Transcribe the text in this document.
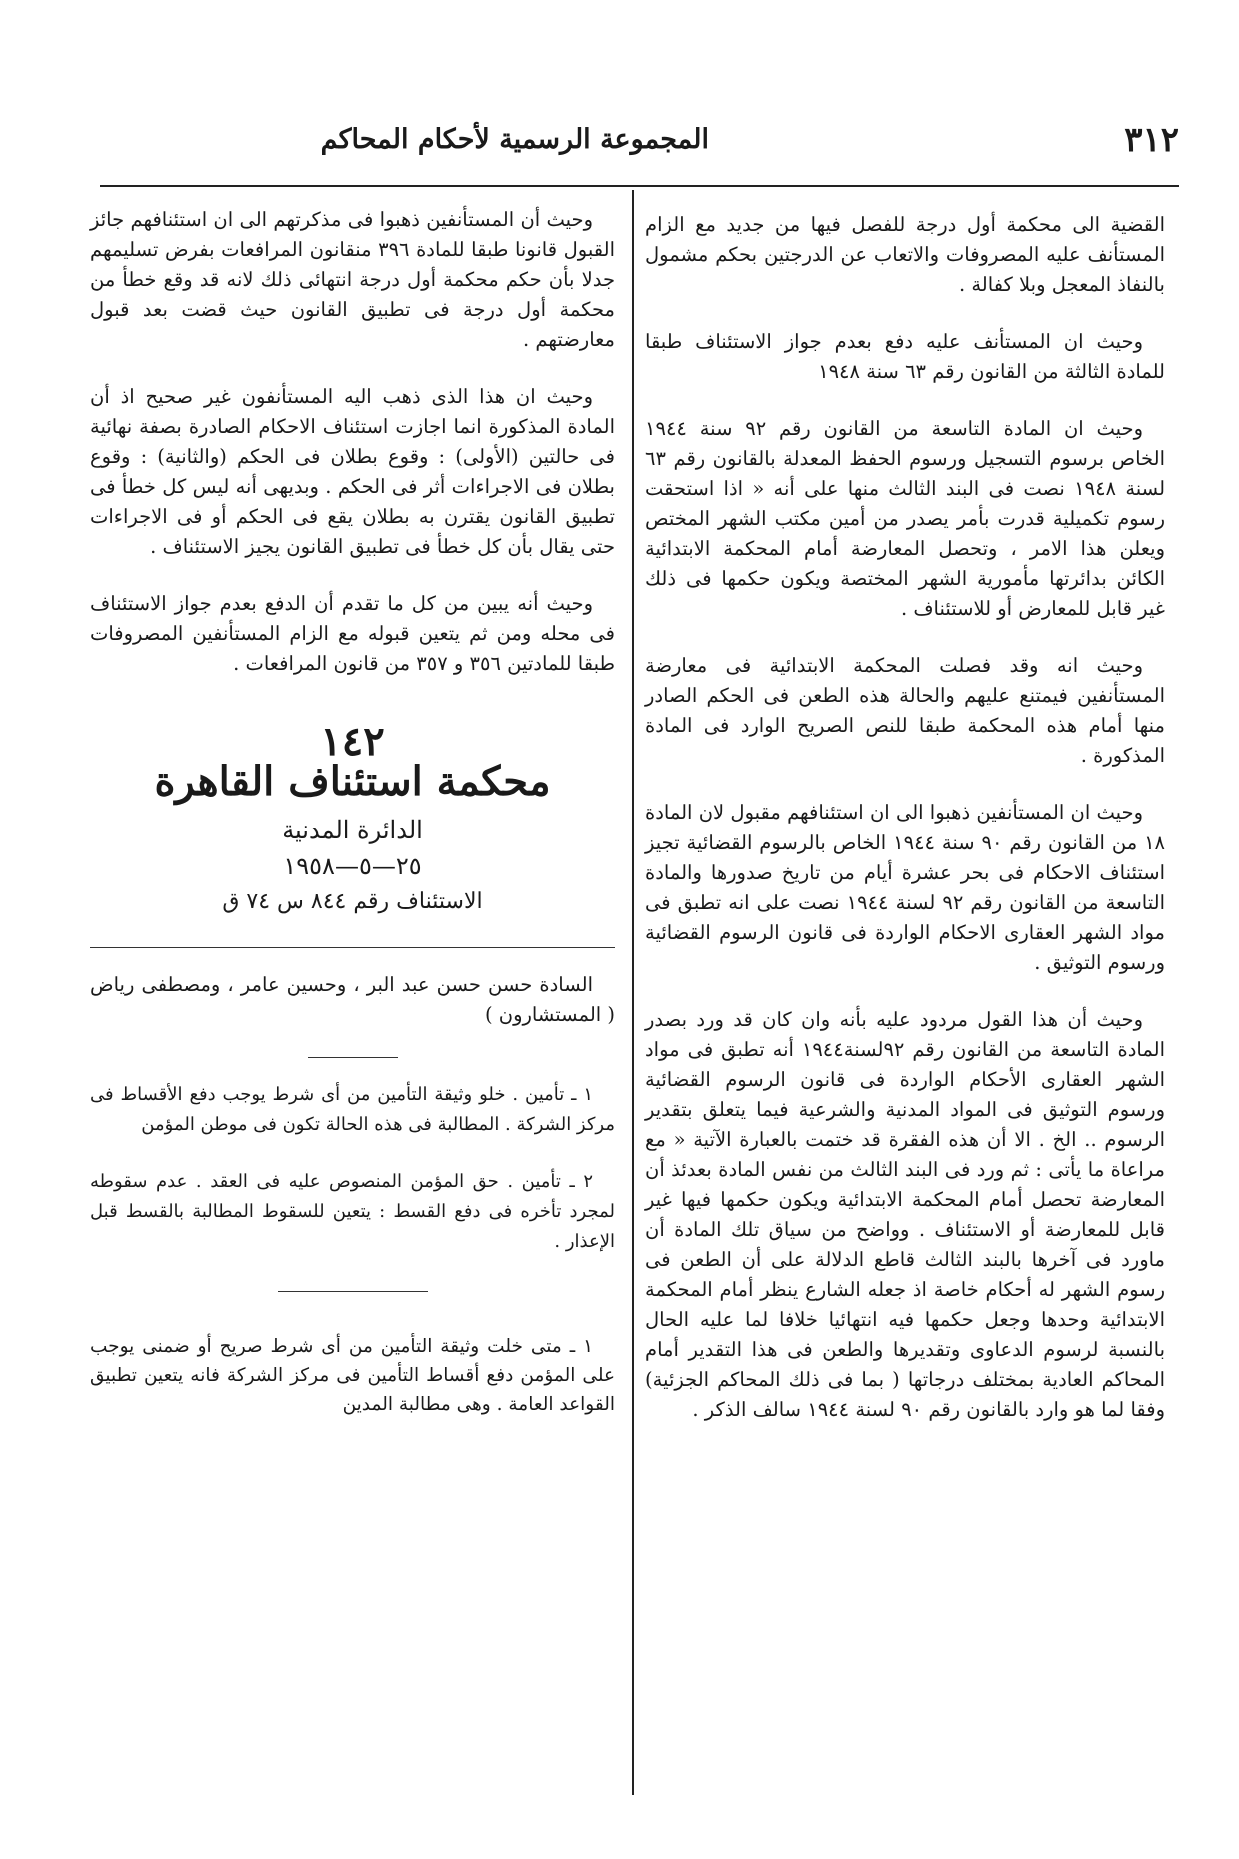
٣١٢
المجموعة الرسمية لأحكام المحاكم

القضية الى محكمة أول درجة للفصل فيها من جديد مع الزام المستأنف عليه المصروفات والاتعاب عن الدرجتين بحكم مشمول بالنفاذ المعجل وبلا كفالة .

وحيث ان المستأنف عليه دفع بعدم جواز الاستئناف طبقا للمادة الثالثة من القانون رقم ٦٣ سنة ١٩٤٨

وحيث ان المادة التاسعة من القانون رقم ٩٢ سنة ١٩٤٤ الخاص برسوم التسجيل ورسوم الحفظ المعدلة بالقانون رقم ٦٣ لسنة ١٩٤٨ نصت فى البند الثالث منها على أنه « اذا استحقت رسوم تكميلية قدرت بأمر يصدر من أمين مكتب الشهر المختص ويعلن هذا الامر ، وتحصل المعارضة أمام المحكمة الابتدائية الكائن بدائرتها مأمورية الشهر المختصة ويكون حكمها فى ذلك غير قابل للمعارض أو للاستئناف .

وحيث انه وقد فصلت المحكمة الابتدائية فى معارضة المستأنفين فيمتنع عليهم والحالة هذه الطعن فى الحكم الصادر منها أمام هذه المحكمة طبقا للنص الصريح الوارد فى المادة المذكورة .

وحيث ان المستأنفين ذهبوا الى ان استئنافهم مقبول لان المادة ١٨ من القانون رقم ٩٠ سنة ١٩٤٤ الخاص بالرسوم القضائية تجيز استئناف الاحكام فى بحر عشرة أيام من تاريخ صدورها والمادة التاسعة من القانون رقم ٩٢ لسنة ١٩٤٤ نصت على انه تطبق فى مواد الشهر العقارى الاحكام الواردة فى قانون الرسوم القضائية ورسوم التوثيق .

وحيث أن هذا القول مردود عليه بأنه وان كان قد ورد بصدر المادة التاسعة من القانون رقم ٩٢لسنة١٩٤٤ أنه تطبق فى مواد الشهر العقارى الأحكام الواردة فى قانون الرسوم القضائية ورسوم التوثيق فى المواد المدنية والشرعية فيما يتعلق بتقدير الرسوم .. الخ . الا أن هذه الفقرة قد ختمت بالعبارة الآتية « مع مراعاة ما يأتى : ثم ورد فى البند الثالث من نفس المادة بعدئذ أن المعارضة تحصل أمام المحكمة الابتدائية ويكون حكمها فيها غير قابل للمعارضة أو الاستئناف . وواضح من سياق تلك المادة أن ماورد فى آخرها بالبند الثالث قاطع الدلالة على أن الطعن فى رسوم الشهر له أحكام خاصة اذ جعله الشارع ينظر أمام المحكمة الابتدائية وحدها وجعل حكمها فيه انتهائيا خلافا لما عليه الحال بالنسبة لرسوم الدعاوى وتقديرها والطعن فى هذا التقدير أمام المحاكم العادية بمختلف درجاتها ( بما فى ذلك المحاكم الجزئية) وفقا لما هو وارد بالقانون رقم ٩٠ لسنة ١٩٤٤ سالف الذكر .

وحيث أن المستأنفين ذهبوا فى مذكرتهم الى ان استئنافهم جائز القبول قانونا طبقا للمادة ٣٩٦ منقانون المرافعات بفرض تسليمهم جدلا بأن حكم محكمة أول درجة انتهائى ذلك لانه قد وقع خطأ من محكمة أول درجة فى تطبيق القانون حيث قضت بعد قبول معارضتهم .

وحيث ان هذا الذى ذهب اليه المستأنفون غير صحيح اذ أن المادة المذكورة انما اجازت استئناف الاحكام الصادرة بصفة نهائية فى حالتين (الأولى) : وقوع بطلان فى الحكم (والثانية) : وقوع بطلان فى الاجراءات أثر فى الحكم . وبديهى أنه ليس كل خطأ فى تطبيق القانون يقترن به بطلان يقع فى الحكم أو فى الاجراءات حتى يقال بأن كل خطأ فى تطبيق القانون يجيز الاستئناف .

وحيث أنه يبين من كل ما تقدم أن الدفع بعدم جواز الاستئناف فى محله ومن ثم يتعين قبوله مع الزام المستأنفين المصروفات طبقا للمادتين ٣٥٦ و ٣٥٧ من قانون المرافعات .

١٤٢
محكمة استئناف القاهرة
الدائرة المدنية
٢٥—٥—١٩٥٨
الاستئناف رقم ٨٤٤ س ٧٤ ق

السادة حسن حسن عبد البر ، وحسين عامر ، ومصطفى رياض ( المستشارون )

١ ـ تأمين . خلو وثيقة التأمين من أى شرط يوجب دفع الأقساط فى مركز الشركة . المطالبة فى هذه الحالة تكون فى موطن المؤمن

٢ ـ تأمين . حق المؤمن المنصوص عليه فى العقد . عدم سقوطه لمجرد تأخره فى دفع القسط : يتعين للسقوط المطالبة بالقسط قبل الإعذار .

١ ـ متى خلت وثيقة التأمين من أى شرط صريح أو ضمنى يوجب على المؤمن دفع أقساط التأمين فى مركز الشركة فانه يتعين تطبيق القواعد العامة . وهى مطالبة المدين
